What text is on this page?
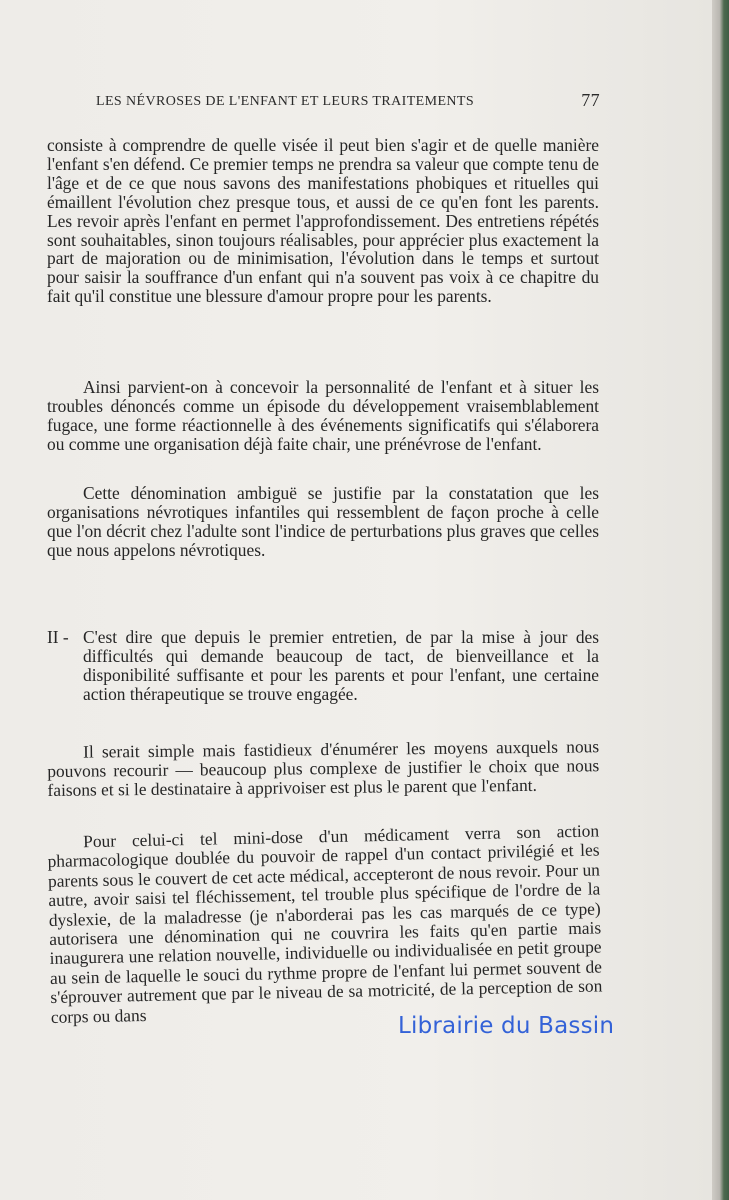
LES NÉVROSES DE L'ENFANT ET LEURS TRAITEMENTS	77
consiste à comprendre de quelle visée il peut bien s'agir et de quelle manière l'enfant s'en défend. Ce premier temps ne prendra sa valeur que compte tenu de l'âge et de ce que nous savons des manifestations phobiques et rituelles qui émaillent l'évolution chez presque tous, et aussi de ce qu'en font les parents. Les revoir après l'enfant en permet l'approfondissement. Des entretiens répétés sont souhaitables, sinon toujours réalisables, pour apprécier plus exactement la part de majoration ou de minimisation, l'évolution dans le temps et surtout pour saisir la souffrance d'un enfant qui n'a souvent pas voix à ce chapitre du fait qu'il constitue une blessure d'amour propre pour les parents.
Ainsi parvient-on à concevoir la personnalité de l'enfant et à situer les troubles dénoncés comme un épisode du développement vraisemblablement fugace, une forme réactionnelle à des événements significatifs qui s'élaborera ou comme une organisation déjà faite chair, une prénévrose de l'enfant.
Cette dénomination ambiguë se justifie par la constatation que les organisations névrotiques infantiles qui ressemblent de façon proche à celle que l'on décrit chez l'adulte sont l'indice de perturbations plus graves que celles que nous appelons névrotiques.
II - C'est dire que depuis le premier entretien, de par la mise à jour des difficultés qui demande beaucoup de tact, de bienveillance et la disponibilité suffisante et pour les parents et pour l'enfant, une certaine action thérapeutique se trouve engagée.
Il serait simple mais fastidieux d'énumérer les moyens auxquels nous pouvons recourir — beaucoup plus complexe de justifier le choix que nous faisons et si le destinataire à apprivoiser est plus le parent que l'enfant.
Pour celui-ci tel mini-dose d'un médicament verra son action pharmacologique doublée du pouvoir de rappel d'un contact privilégié et les parents sous le couvert de cet acte médical, accepteront de nous revoir. Pour un autre, avoir saisi tel fléchissement, tel trouble plus spécifique de l'ordre de la dyslexie, de la maladresse (je n'aborderai pas les cas marqués de ce type) autorisera une dénomination qui ne couvrira les faits qu'en partie mais inaugurera une relation nouvelle, individuelle ou individualisée en petit groupe au sein de laquelle le souci du rythme propre de l'enfant lui permet souvent de s'éprouver autrement que par le niveau de sa motricité, de la perception de son corps ou dans	Librairie du Bassin
